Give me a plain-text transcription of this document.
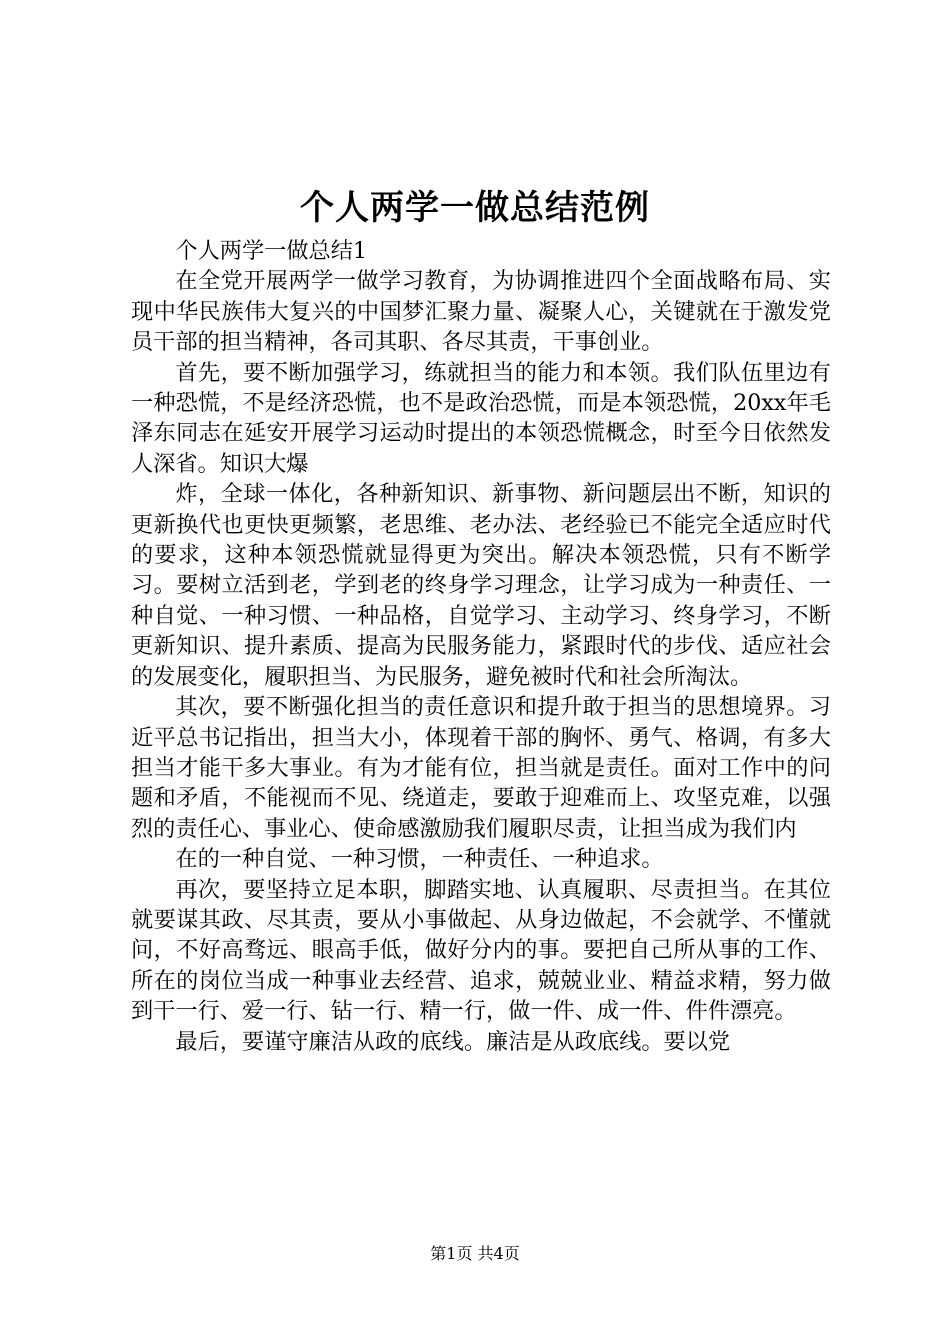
个人两学一做总结范例

个人两学一做总结1

在全党开展两学一做学习教育，为协调推进四个全面战略布局、实现中华民族伟大复兴的中国梦汇聚力量、凝聚人心，关键就在于激发党员干部的担当精神，各司其职、各尽其责，干事创业。

首先，要不断加强学习，练就担当的能力和本领。我们队伍里边有一种恐慌，不是经济恐慌，也不是政治恐慌，而是本领恐慌，20xx年毛泽东同志在延安开展学习运动时提出的本领恐慌概念，时至今日依然发人深省。知识大爆

炸，全球一体化，各种新知识、新事物、新问题层出不断，知识的更新换代也更快更频繁，老思维、老办法、老经验已不能完全适应时代的要求，这种本领恐慌就显得更为突出。解决本领恐慌，只有不断学习。要树立活到老，学到老的终身学习理念，让学习成为一种责任、一种自觉、一种习惯、一种品格，自觉学习、主动学习、终身学习，不断更新知识、提升素质、提高为民服务能力，紧跟时代的步伐、适应社会的发展变化，履职担当、为民服务，避免被时代和社会所淘汰。

其次，要不断强化担当的责任意识和提升敢于担当的思想境界。习近平总书记指出，担当大小，体现着干部的胸怀、勇气、格调，有多大担当才能干多大事业。有为才能有位，担当就是责任。面对工作中的问题和矛盾，不能视而不见、绕道走，要敢于迎难而上、攻坚克难，以强烈的责任心、事业心、使命感激励我们履职尽责，让担当成为我们内

在的一种自觉、一种习惯，一种责任、一种追求。

再次，要坚持立足本职，脚踏实地、认真履职、尽责担当。在其位就要谋其政、尽其责，要从小事做起、从身边做起，不会就学、不懂就问，不好高骛远、眼高手低，做好分内的事。要把自己所从事的工作、所在的岗位当成一种事业去经营、追求，兢兢业业、精益求精，努力做到干一行、爱一行、钻一行、精一行，做一件、成一件、件件漂亮。

最后，要谨守廉洁从政的底线。廉洁是从政底线。要以党

第1页 共4页
